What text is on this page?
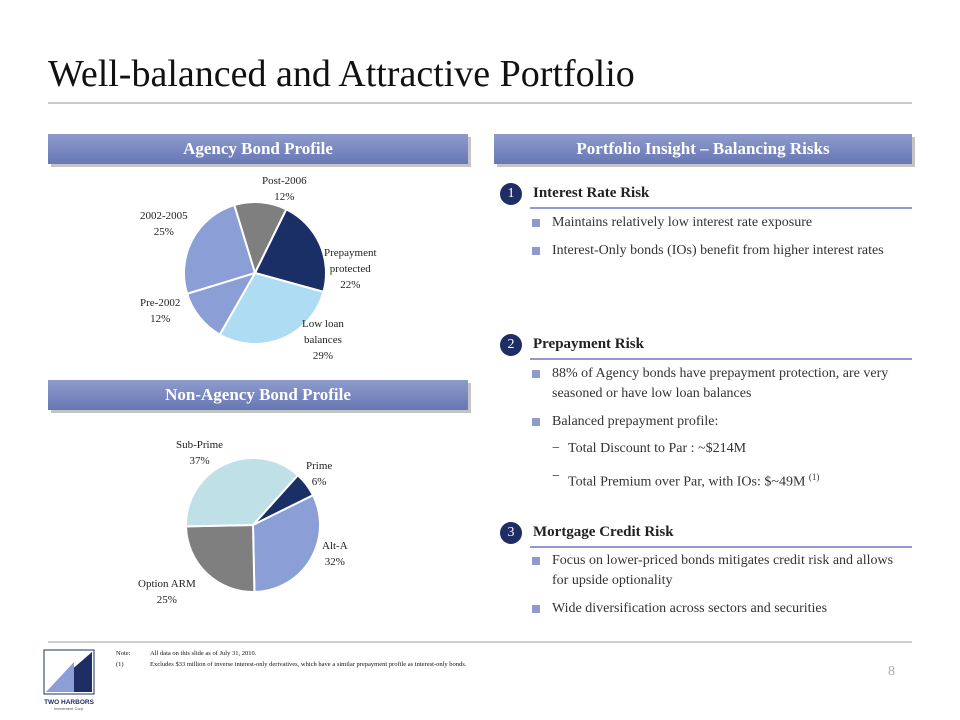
Well-balanced and Attractive Portfolio
Agency Bond Profile
Post-2006
12%
Prepayment
protected
22%
Low loan
balances
29%
Pre-2002
12%
2002-2005
25%
Non-Agency Bond Profile
Prime
6%
Alt-A
32%
Option ARM
25%
Sub-Prime
37%
Portfolio Insight – Balancing Risks
1	Interest Rate Risk
Maintains relatively low interest rate exposure
Interest-Only bonds (IOs) benefit from higher interest rates
2	Prepayment Risk
88% of Agency bonds have prepayment protection, are very seasoned or have low loan balances
Balanced prepayment profile:
− Total Discount to Par : ~$214M
− Total Premium over Par, with IOs: $~49M $^{(1)}$
3	Mortgage Credit Risk
Focus on lower-priced bonds mitigates credit risk and allows for upside optionality
Wide diversification across sectors and securities
TWO HARBORS
Investment Corp.
Note:	All data on this slide as of July 31, 2010.
(1)	Excludes $33 million of inverse interest-only derivatives, which have a similar prepayment profile as interest-only bonds.	8
